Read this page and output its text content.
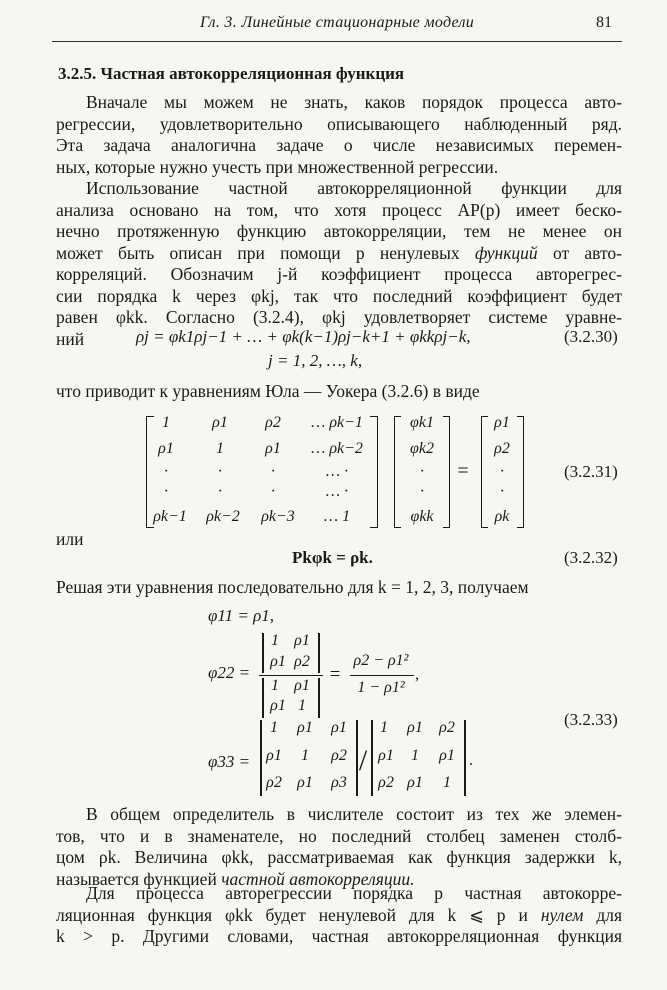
Гл. 3. Линейные стационарные модели	81
3.2.5. Частная автокорреляционная функция
Вначале мы можем не знать, каков порядок процесса авто-
регрессии, удовлетворительно описывающего наблюденный ряд.
Эта задача аналогична задаче о числе независимых перемен-
ных, которые нужно учесть при множественной регрессии.
Использование частной автокорреляционной функции для
анализа основано на том, что хотя процесс АР(p) имеет беско-
нечно протяженную функцию автокорреляции, тем не менее он
может быть описан при помощи p ненулевых функций от авто-
корреляций. Обозначим j-й коэффициент процесса авторегрес-
сии порядка k через φkj, так что последний коэффициент будет
равен φkk. Согласно (3.2.4), φkj удовлетворяет системе уравне-
ний	ρj = φk1ρj−1 + … + φk(k−1)ρj−k+1 + φkkρj−k,	(3.2.30)
j = 1, 2, …, k,
что приводит к уравнениям Юла — Уокера (3.2.6) в виде
1	ρ1	ρ2	… ρk−1
ρ1	1	ρ1	… ρk−2
·	·	·	… ·
·	·	·	… ·
ρk−1 ρk−2 ρk−3	… 1
φk1
φk2
·
·
φkk
=
ρ1
ρ2
·
·
ρk
(3.2.31)
или
Pkφk = ρk.	(3.2.32)
Решая эти уравнения последовательно для k = 1, 2, 3, получаем
φ11 = ρ1,
φ22 =
1 ρ1
ρ1 ρ2
1 ρ1
ρ1 1
=
ρ2 − ρ1²
1 − ρ1²
,
φ33 =
1	ρ1	ρ1
ρ1	1	ρ2
ρ2 ρ1	ρ3
/
1	ρ1	ρ2
ρ1	1	ρ1
ρ2 ρ1	1
.
(3.2.33)
В общем определитель в числителе состоит из тех же элемен-
тов, что и в знаменателе, но последний столбец заменен столб-
цом ρk. Величина φkk, рассматриваемая как функция задержки k,
называется функцией частной автокорреляции.
Для процесса авторегрессии порядка p частная автокорре-
ляционная функция φkk будет ненулевой для k ⩽ p и нулем для
k > p. Другими словами, частная автокорреляционная функция
